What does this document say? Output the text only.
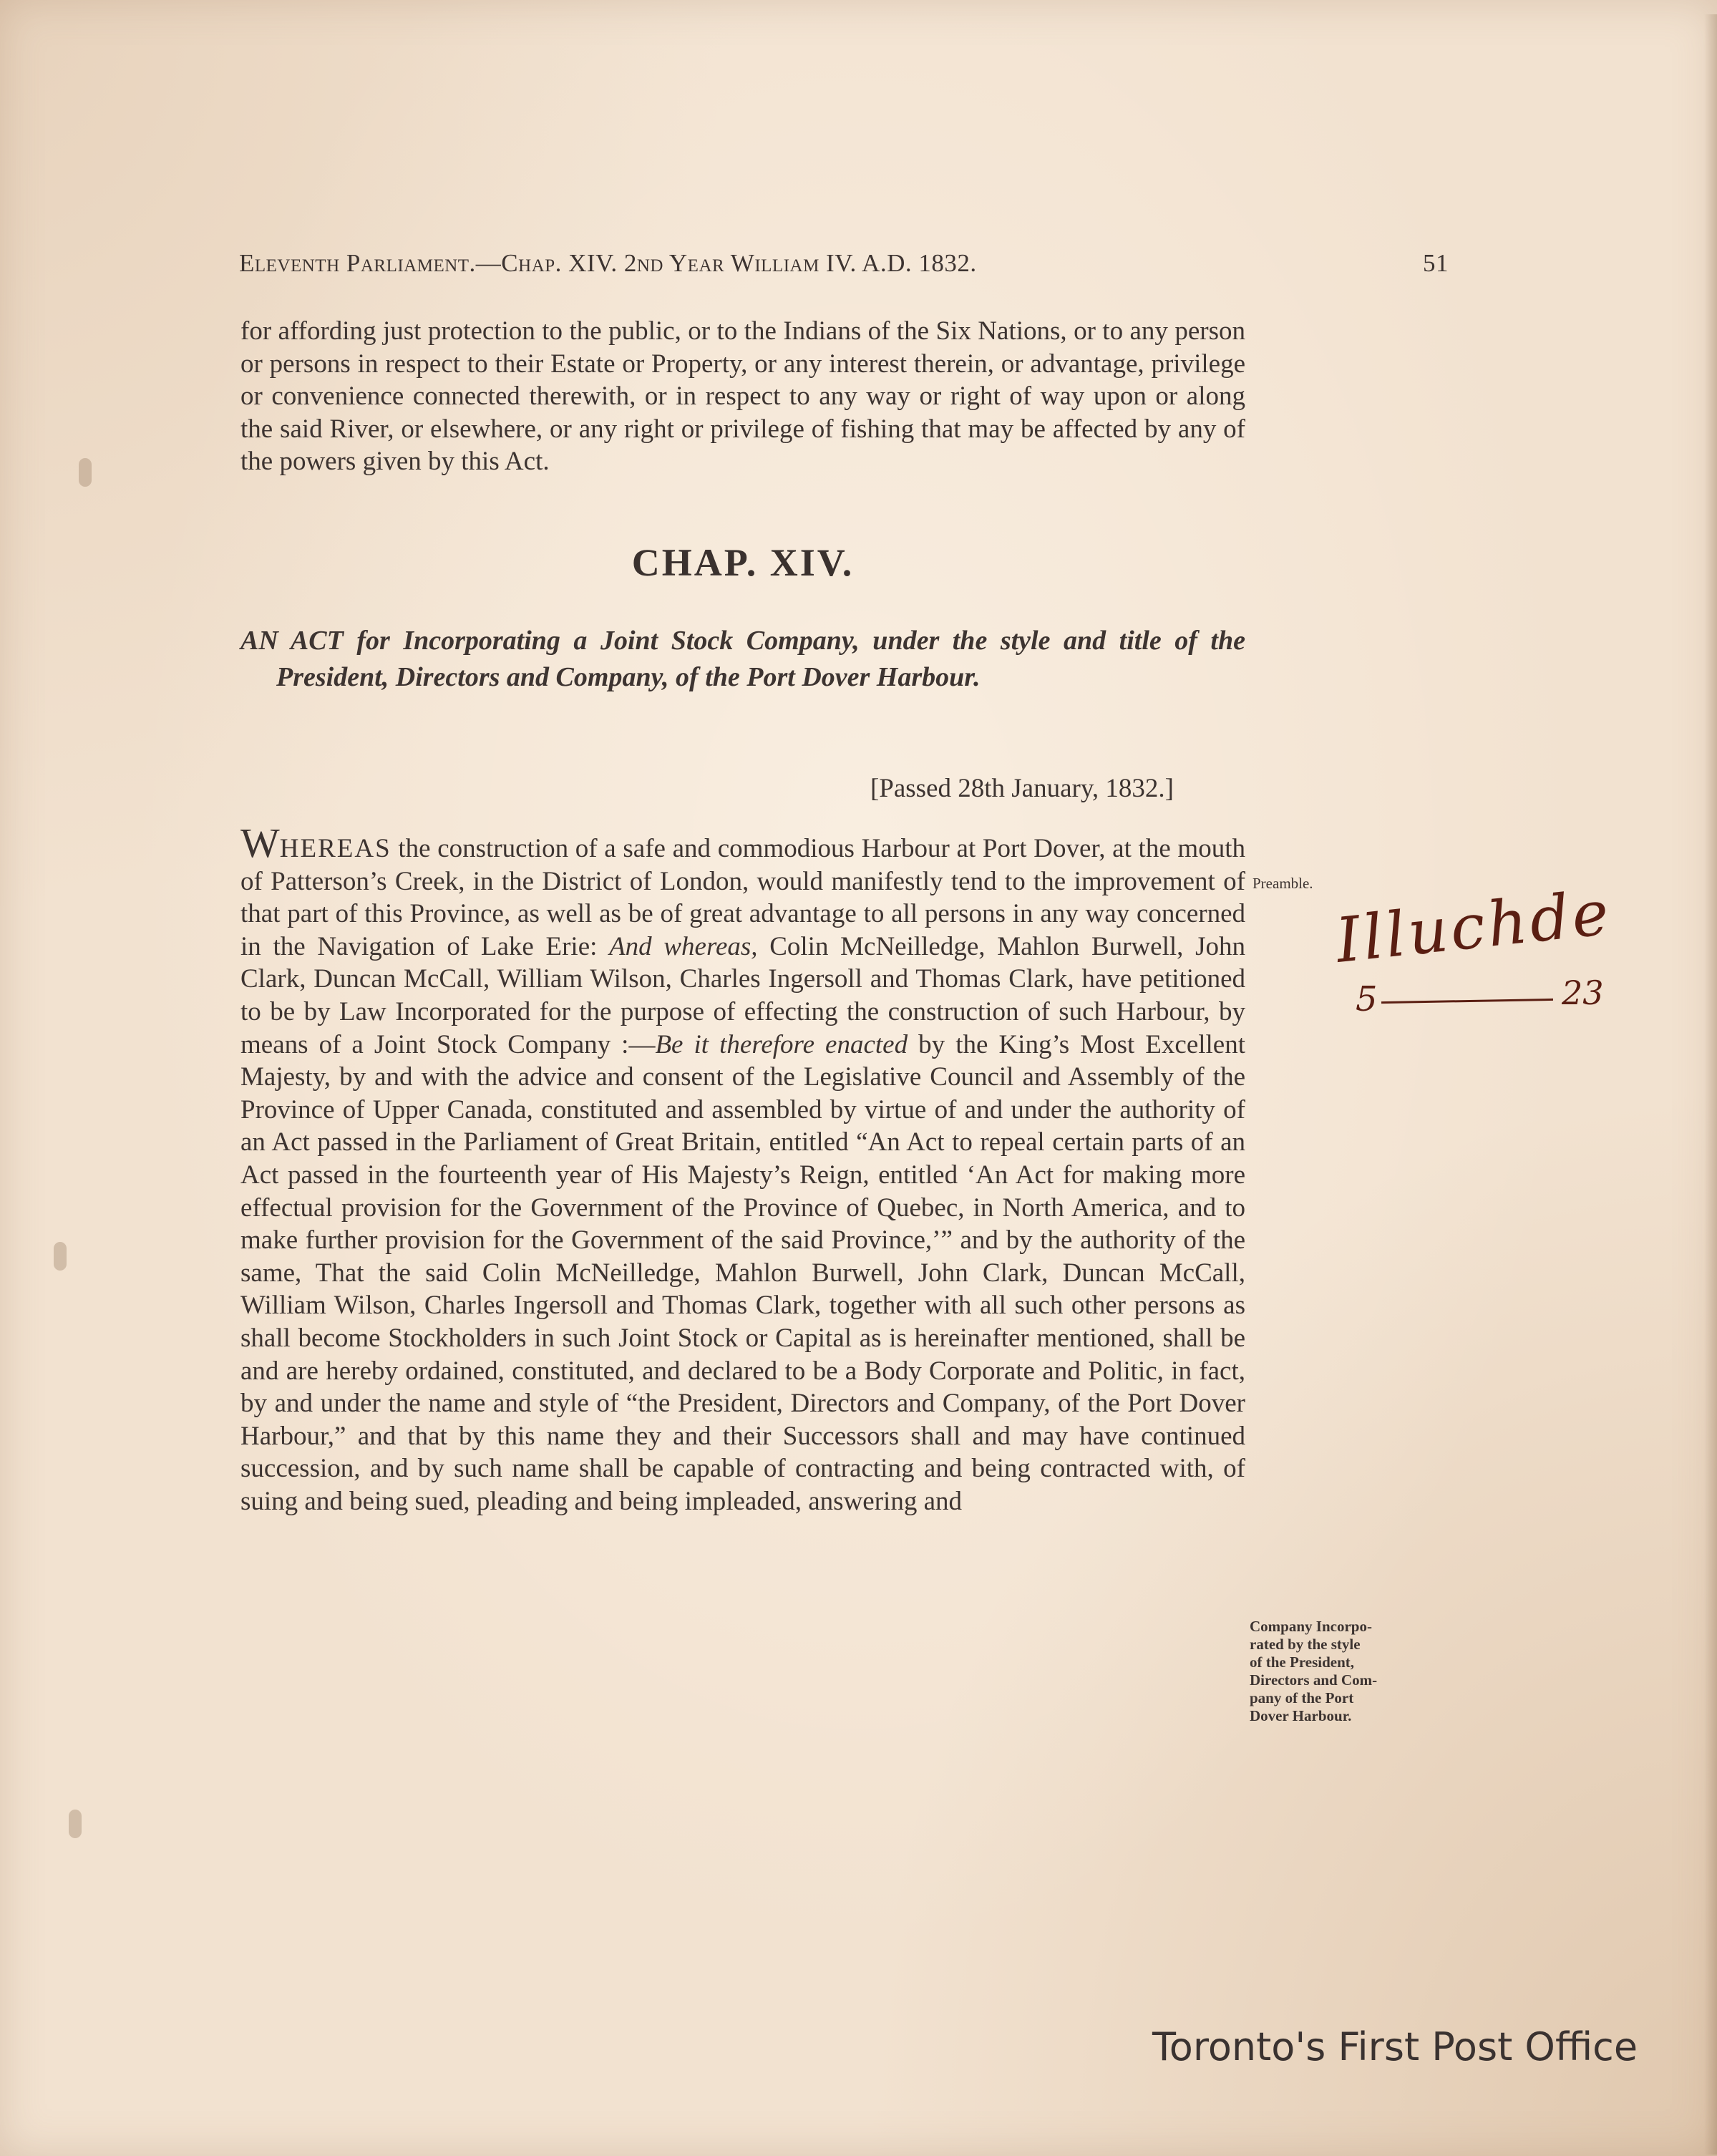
Eleventh Parliament.—Chap. XIV. 2nd Year William IV. A.D. 1832.	51

for affording just protection to the public, or to the Indians of the Six Nations, or to any person or persons in respect to their Estate or Property, or any interest therein, or advantage, privilege or convenience connected therewith, or in respect to any way or right of way upon or along the said River, or elsewhere, or any right or privilege of fishing that may be affected by any of the powers given by this Act.

CHAP. XIV.
AN ACT for Incorporating a Joint Stock Company, under the style and title of the President, Directors and Company, of the Port Dover Harbour.
[Passed 28th January, 1832.]

WHEREAS the construction of a safe and commodious Harbour at Port Dover, at the mouth of Patterson’s Creek, in the District of London, would manifestly tend to the improvement of that part of this Province, as well as be of great advantage to all persons in any way concerned in the Navigation of Lake Erie: And whereas, Colin McNeilledge, Mahlon Burwell, John Clark, Duncan McCall, William Wilson, Charles Ingersoll and Thomas Clark, have petitioned to be by Law Incorporated for the purpose of effecting the construction of such Harbour, by means of a Joint Stock Company :—Be it therefore enacted by the King’s Most Excellent Majesty, by and with the advice and consent of the Legislative Council and Assembly of the Province of Upper Canada, constituted and assembled by virtue of and under the authority of an Act passed in the Parliament of Great Britain, entitled “An Act to repeal certain parts of an Act passed in the fourteenth year of His Majesty’s Reign, entitled ‘An Act for making more effectual provision for the Government of the Province of Quebec, in North America, and to make further provision for the Government of the said Province,’” and by the authority of the same, That the said Colin McNeilledge, Mahlon Burwell, John Clark, Duncan McCall, William Wilson, Charles Ingersoll and Thomas Clark, together with all such other persons as shall become Stockholders in such Joint Stock or Capital as is hereinafter mentioned, shall be and are hereby ordained, constituted, and declared to be a Body Corporate and Politic, in fact, by and under the name and style of “the President, Directors and Company, of the Port Dover Harbour,” and that by this name they and their Successors shall and may have continued succession, and by such name shall be capable of contracting and being contracted with, of suing and being sued, pleading and being impleaded, answering and

Preamble.
Company Incorpo-
rated by the style
of the President,
Directors and Com-
pany of the Port
Dover Harbour.
Illuchde
5	23
Toronto's First Post Office
